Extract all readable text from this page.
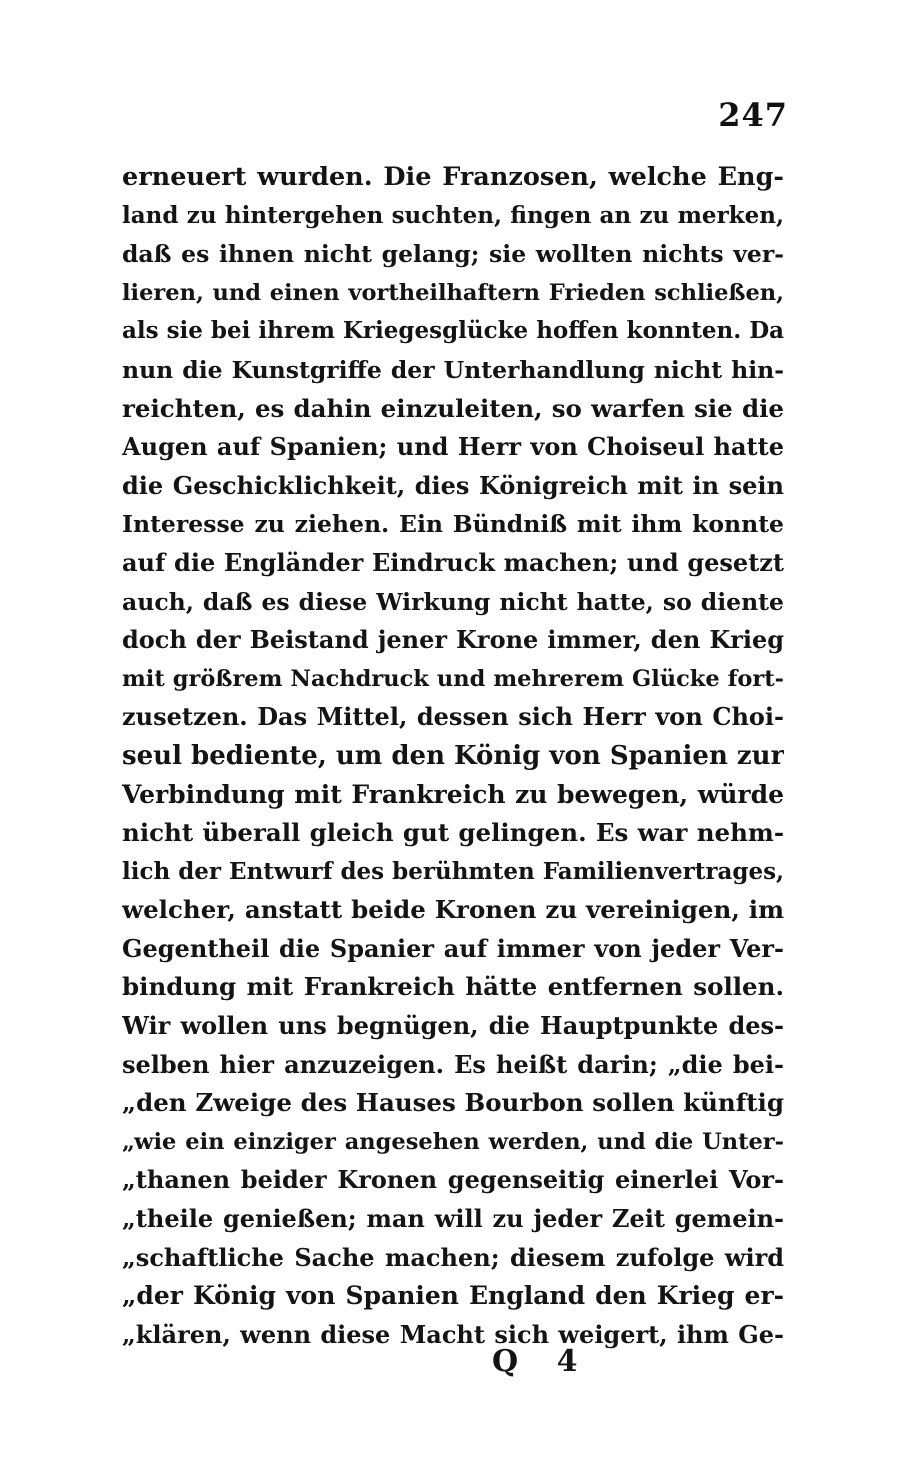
247
erneuert wurden. Die Franzosen, welche Eng-
land zu hintergehen suchten, fingen an zu merken,
daß es ihnen nicht gelang; sie wollten nichts ver-
lieren, und einen vortheilhaftern Frieden schließen,
als sie bei ihrem Kriegesglücke hoffen konnten. Da
nun die Kunstgriffe der Unterhandlung nicht hin-
reichten, es dahin einzuleiten, so warfen sie die
Augen auf Spanien; und Herr von Choiseul hatte
die Geschicklichkeit, dies Königreich mit in sein
Interesse zu ziehen. Ein Bündniß mit ihm konnte
auf die Engländer Eindruck machen; und gesetzt
auch, daß es diese Wirkung nicht hatte, so diente
doch der Beistand jener Krone immer, den Krieg
mit größrem Nachdruck und mehrerem Glücke fort-
zusetzen. Das Mittel, dessen sich Herr von Choi-
seul bediente, um den König von Spanien zur
Verbindung mit Frankreich zu bewegen, würde
nicht überall gleich gut gelingen. Es war nehm-
lich der Entwurf des berühmten Familienvertrages,
welcher, anstatt beide Kronen zu vereinigen, im
Gegentheil die Spanier auf immer von jeder Ver-
bindung mit Frankreich hätte entfernen sollen.
Wir wollen uns begnügen, die Hauptpunkte des-
selben hier anzuzeigen. Es heißt darin; „die bei-
„den Zweige des Hauses Bourbon sollen künftig
„wie ein einziger angesehen werden, und die Unter-
„thanen beider Kronen gegenseitig einerlei Vor-
„theile genießen; man will zu jeder Zeit gemein-
„schaftliche Sache machen; diesem zufolge wird
„der König von Spanien England den Krieg er-
„klären, wenn diese Macht sich weigert, ihm Ge-
Q 4
